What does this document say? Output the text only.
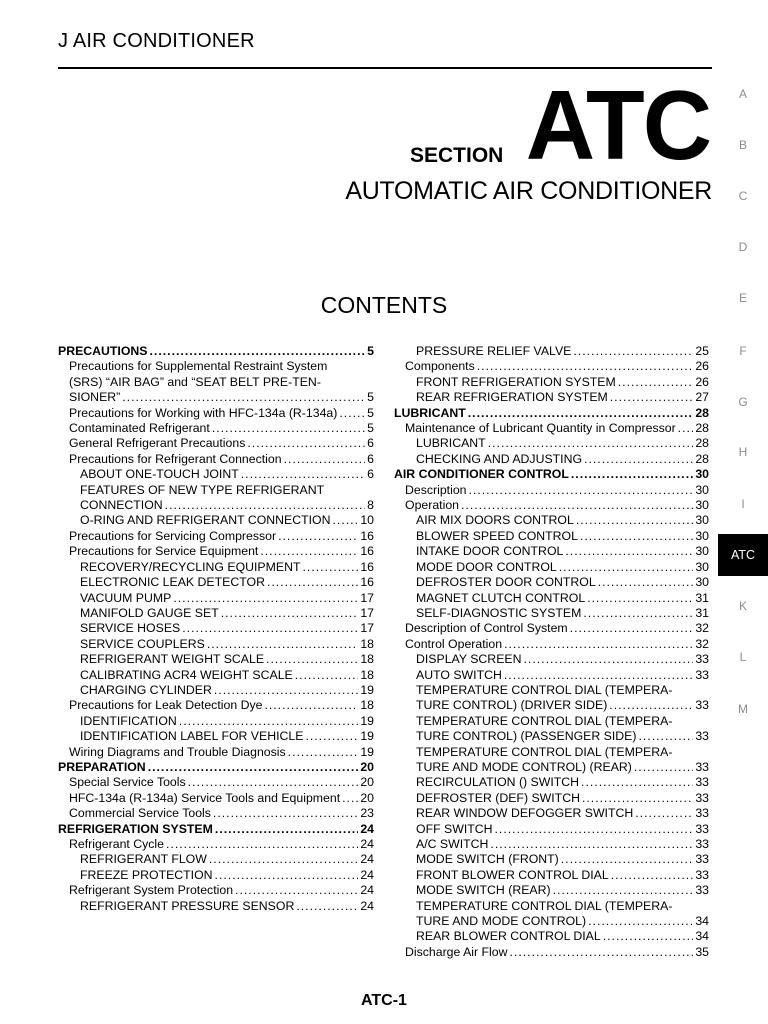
J AIR CONDITIONER
SECTION ATC
AUTOMATIC AIR CONDITIONER
CONTENTS
PRECAUTIONS .....	5
Precautions for Supplemental Restraint System
(SRS) “AIR BAG” and “SEAT BELT PRE-TEN-
SIONER” .....	5
Precautions for Working with HFC-134a (R-134a) ..... 5
Contaminated Refrigerant .....	5
General Refrigerant Precautions .....	6
Precautions for Refrigerant Connection .....	6
ABOUT ONE-TOUCH JOINT .....	6
FEATURES OF NEW TYPE REFRIGERANT
CONNECTION .....	8
O-RING AND REFRIGERANT CONNECTION ..... 10
Precautions for Servicing Compressor .....	16
Precautions for Service Equipment .....	16
RECOVERY/RECYCLING EQUIPMENT .....	16
ELECTRONIC LEAK DETECTOR .....	16
VACUUM PUMP .....	17
MANIFOLD GAUGE SET .....	17
SERVICE HOSES .....	17
SERVICE COUPLERS .....	18
REFRIGERANT WEIGHT SCALE .....	18
CALIBRATING ACR4 WEIGHT SCALE .....	18
CHARGING CYLINDER .....	19
Precautions for Leak Detection Dye .....	18
IDENTIFICATION .....	19
IDENTIFICATION LABEL FOR VEHICLE .....	19
Wiring Diagrams and Trouble Diagnosis .....	19
PREPARATION .....	20
Special Service Tools .....	20
HFC-134a (R-134a) Service Tools and Equipment ..... 20
Commercial Service Tools .....	23
REFRIGERATION SYSTEM .....	24
Refrigerant Cycle .....	24
REFRIGERANT FLOW .....	24
FREEZE PROTECTION .....	24
Refrigerant System Protection .....	24
REFRIGERANT PRESSURE SENSOR .....	24
PRESSURE RELIEF VALVE .....	25
Components .....	26
FRONT REFRIGERATION SYSTEM .....	26
REAR REFRIGERATION SYSTEM .....	27
LUBRICANT .....	28
Maintenance of Lubricant Quantity in Compressor ..... 28
LUBRICANT .....	28
CHECKING AND ADJUSTING .....	28
AIR CONDITIONER CONTROL .....	30
Description .....	30
Operation .....	30
AIR MIX DOORS CONTROL .....	30
BLOWER SPEED CONTROL .....	30
INTAKE DOOR CONTROL .....	30
MODE DOOR CONTROL .....	30
DEFROSTER DOOR CONTROL .....	30
MAGNET CLUTCH CONTROL .....	31
SELF-DIAGNOSTIC SYSTEM .....	31
Description of Control System .....	32
Control Operation .....	32
DISPLAY SCREEN .....	33
AUTO SWITCH .....	33
TEMPERATURE CONTROL DIAL (TEMPERA-
TURE CONTROL) (DRIVER SIDE) .....	33
TEMPERATURE CONTROL DIAL (TEMPERA-
TURE CONTROL) (PASSENGER SIDE) .....	33
TEMPERATURE CONTROL DIAL (TEMPERA-
TURE AND MODE CONTROL) (REAR) .....	33
RECIRCULATION () SWITCH .....	33
DEFROSTER (DEF) SWITCH .....	33
REAR WINDOW DEFOGGER SWITCH .....	33
OFF SWITCH .....	33
A/C SWITCH .....	33
MODE SWITCH (FRONT) .....	33
FRONT BLOWER CONTROL DIAL .....	33
MODE SWITCH (REAR) .....	33
TEMPERATURE CONTROL DIAL (TEMPERA-
TURE AND MODE CONTROL) .....	34
REAR BLOWER CONTROL DIAL .....	34
Discharge Air Flow .....	35
A
B
C
D
E
F
G
H
I
ATC
K
L
M
ATC-1
